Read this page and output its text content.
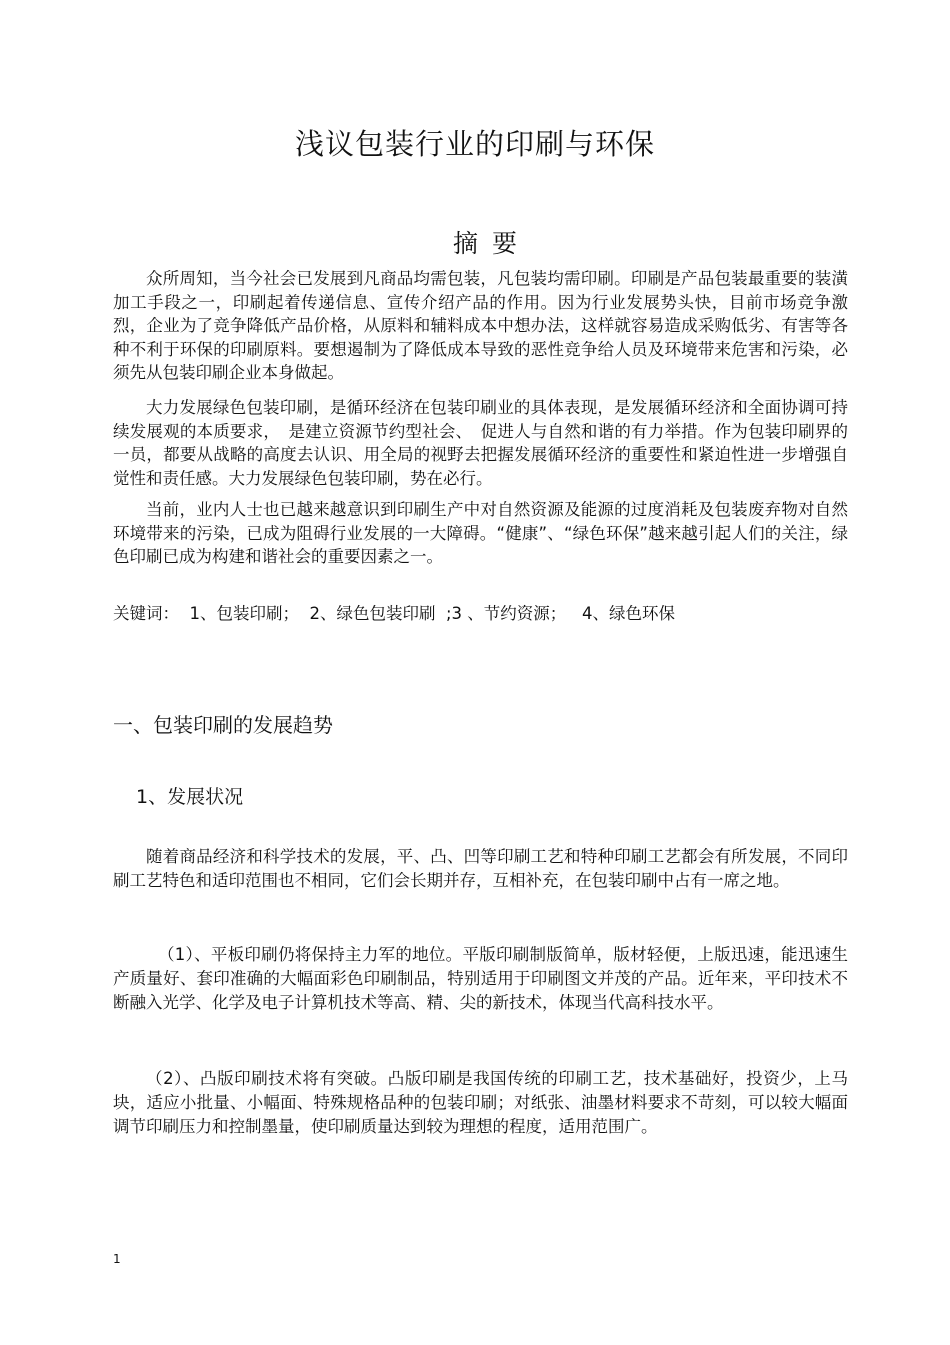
浅议包装行业的印刷与环保
摘 要

众所周知，当今社会已发展到凡商品均需包装，凡包装均需印刷。印刷是产品包装最重要的装潢加工手段之一，印刷起着传递信息、宣传介绍产品的作用。因为行业发展势头快，目前市场竞争激烈，企业为了竞争降低产品价格，从原料和辅料成本中想办法，这样就容易造成采购低劣、有害等各种不利于环保的印刷原料。要想遏制为了降低成本导致的恶性竞争给人员及环境带来危害和污染，必须先从包装印刷企业本身做起。

大力发展绿色包装印刷，是循环经济在包装印刷业的具体表现，是发展循环经济和全面协调可持续发展观的本质要求，　是建立资源节约型社会、　促进人与自然和谐的有力举措。作为包装印刷界的一员，都要从战略的高度去认识、用全局的视野去把握发展循环经济的重要性和紧迫性进一步增强自觉性和责任感。大力发展绿色包装印刷，势在必行。

当前，业内人士也已越来越意识到印刷生产中对自然资源及能源的过度消耗及包装废弃物对自然环境带来的污染，已成为阻碍行业发展的一大障碍。“健康”、“绿色环保”越来越引起人们的关注，绿色印刷已成为构建和谐社会的重要因素之一。

关键词：  1、包装印刷；  2、绿色包装印刷  ;3 、节约资源；   4、绿色环保

一、包装印刷的发展趋势
1、发展状况

随着商品经济和科学技术的发展，平、凸、凹等印刷工艺和特种印刷工艺都会有所发展，不同印刷工艺特色和适印范围也不相同，它们会长期并存，互相补充，在包装印刷中占有一席之地。

（1）、平板印刷仍将保持主力军的地位。平版印刷制版简单，版材轻便，上版迅速，能迅速生产质量好、套印准确的大幅面彩色印刷制品，特别适用于印刷图文并茂的产品。近年来，平印技术不断融入光学、化学及电子计算机技术等高、精、尖的新技术，体现当代高科技水平。

（2）、凸版印刷技术将有突破。凸版印刷是我国传统的印刷工艺，技术基础好，投资少，上马块，适应小批量、小幅面、特殊规格品种的包装印刷；对纸张、油墨材料要求不苛刻，可以较大幅面调节印刷压力和控制墨量，使印刷质量达到较为理想的程度，适用范围广。

1
